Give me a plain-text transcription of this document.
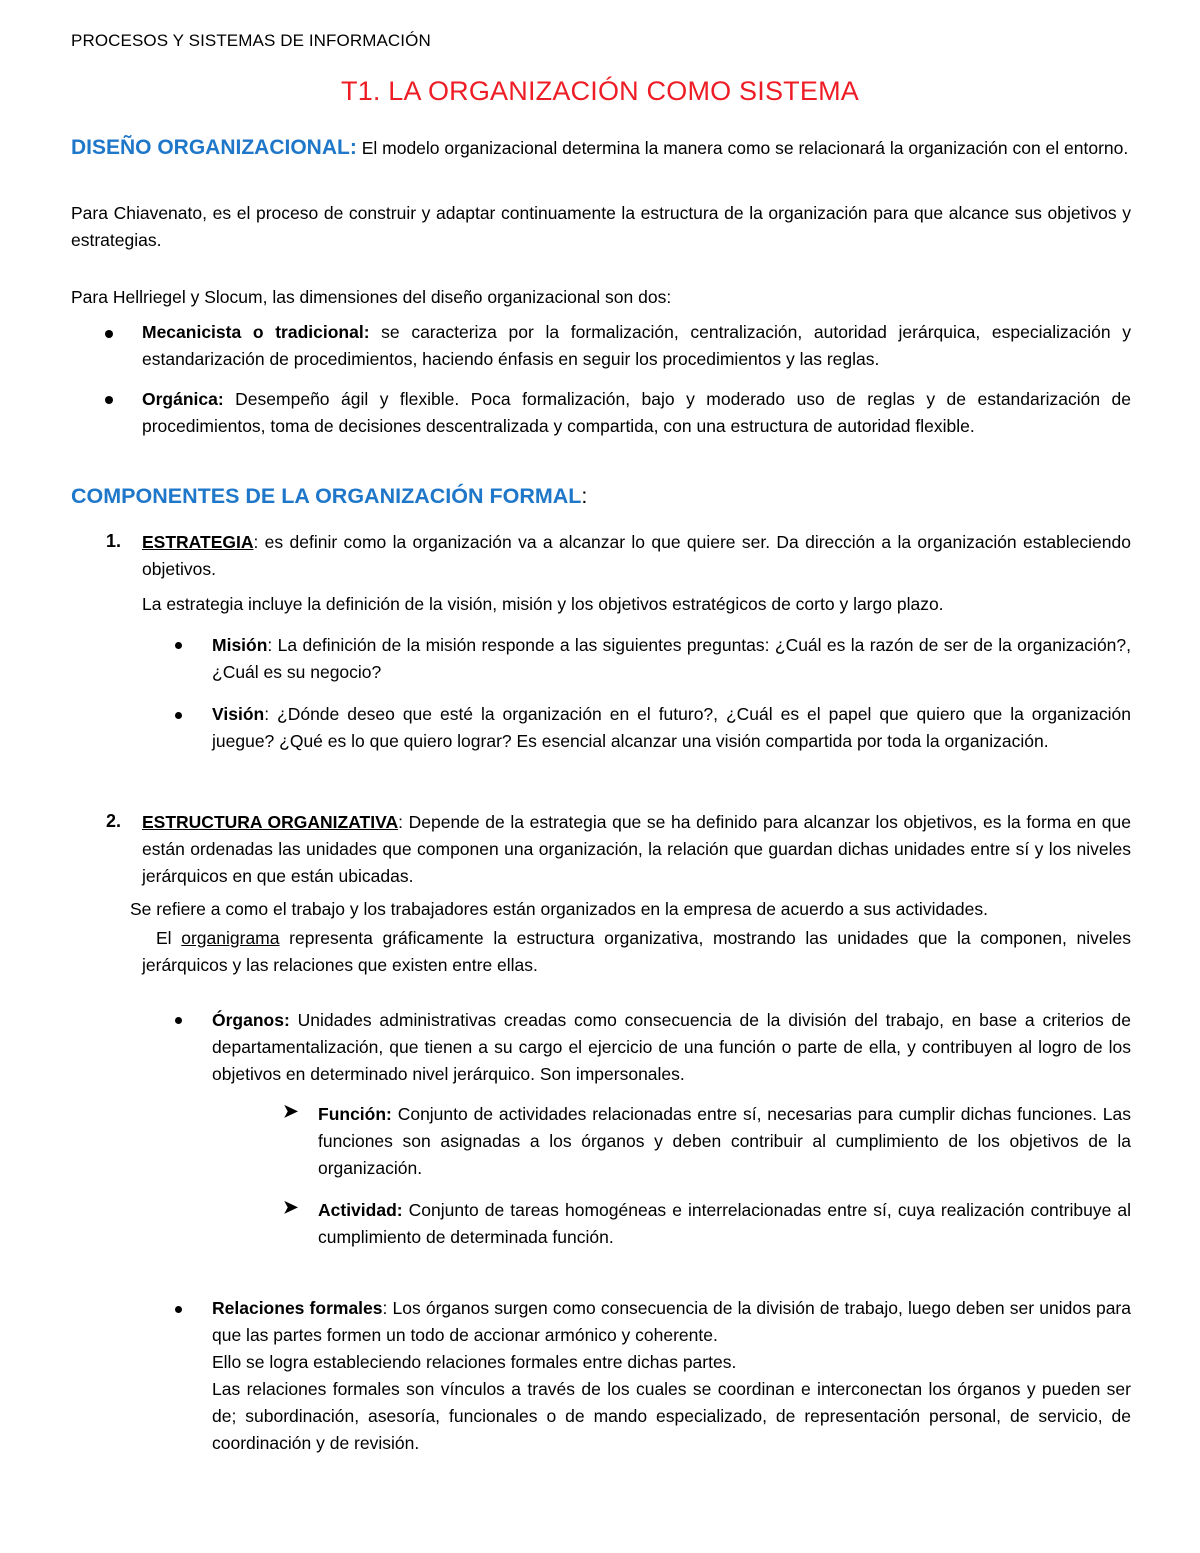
PROCESOS Y SISTEMAS DE INFORMACIÓN
T1. LA ORGANIZACIÓN COMO SISTEMA
DISEÑO ORGANIZACIONAL: El modelo organizacional determina la manera como se relacionará la organización con el entorno.
Para Chiavenato, es el proceso de construir y adaptar continuamente la estructura de la organización para que alcance sus objetivos y estrategias.
Para Hellriegel y Slocum, las dimensiones del diseño organizacional son dos:
Mecanicista o tradicional: se caracteriza por la formalización, centralización, autoridad jerárquica, especialización y estandarización de procedimientos, haciendo énfasis en seguir los procedimientos y las reglas.
Orgánica: Desempeño ágil y flexible. Poca formalización, bajo y moderado uso de reglas y de estandarización de procedimientos, toma de decisiones descentralizada y compartida, con una estructura de autoridad flexible.
COMPONENTES DE LA ORGANIZACIÓN FORMAL:
1. ESTRATEGIA: es definir como la organización va a alcanzar lo que quiere ser. Da dirección a la organización estableciendo objetivos.
La estrategia incluye la definición de la visión, misión y los objetivos estratégicos de corto y largo plazo.
Misión: La definición de la misión responde a las siguientes preguntas: ¿Cuál es la razón de ser de la organización?, ¿Cuál es su negocio?
Visión: ¿Dónde deseo que esté la organización en el futuro?, ¿Cuál es el papel que quiero que la organización juegue? ¿Qué es lo que quiero lograr? Es esencial alcanzar una visión compartida por toda la organización.
2. ESTRUCTURA ORGANIZATIVA: Depende de la estrategia que se ha definido para alcanzar los objetivos, es la forma en que están ordenadas las unidades que componen una organización, la relación que guardan dichas unidades entre sí y los niveles jerárquicos en que están ubicadas.
Se refiere a como el trabajo y los trabajadores están organizados en la empresa de acuerdo a sus actividades.
El organigrama representa gráficamente la estructura organizativa, mostrando las unidades que la componen, niveles jerárquicos y las relaciones que existen entre ellas.
Órganos: Unidades administrativas creadas como consecuencia de la división del trabajo, en base a criterios de departamentalización, que tienen a su cargo el ejercicio de una función o parte de ella, y contribuyen al logro de los objetivos en determinado nivel jerárquico. Son impersonales.
➤ Función: Conjunto de actividades relacionadas entre sí, necesarias para cumplir dichas funciones. Las funciones son asignadas a los órganos y deben contribuir al cumplimiento de los objetivos de la organización.
➤ Actividad: Conjunto de tareas homogéneas e interrelacionadas entre sí, cuya realización contribuye al cumplimiento de determinada función.
Relaciones formales: Los órganos surgen como consecuencia de la división de trabajo, luego deben ser unidos para que las partes formen un todo de accionar armónico y coherente.
Ello se logra estableciendo relaciones formales entre dichas partes.
Las relaciones formales son vínculos a través de los cuales se coordinan e interconectan los órganos y pueden ser de; subordinación, asesoría, funcionales o de mando especializado, de representación personal, de servicio, de coordinación y de revisión.
